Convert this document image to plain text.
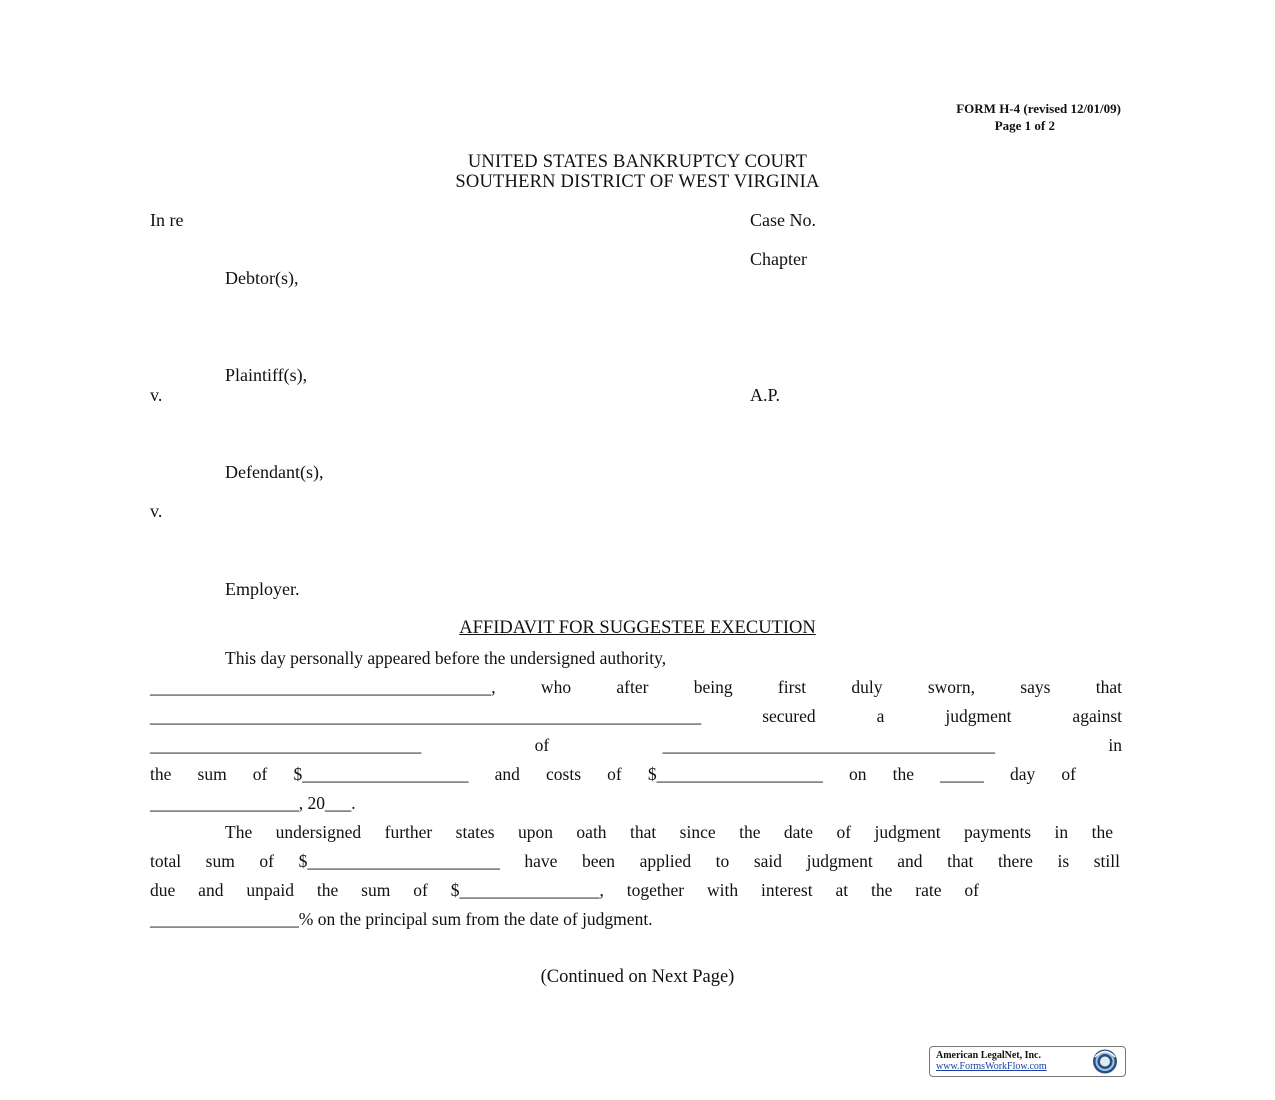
FORM H-4 (revised 12/01/09)
Page 1 of 2
UNITED STATES BANKRUPTCY COURT
SOUTHERN DISTRICT OF WEST VIRGINIA
In re	Case No.
Chapter
Debtor(s),
Plaintiff(s),
v.	A.P.
Defendant(s),
v.
Employer.
AFFIDAVIT FOR SUGGESTEE EXECUTION
This day personally appeared before the undersigned authority,
_______________________________________, who after being first duly sworn, says that
_______________________________________________________________ secured a judgment against
_______________________________ of ______________________________________ in
the sum of $___________________ and costs of $___________________ on the _____ day of
_________________, 20___.
The undersigned further states upon oath that since the date of judgment payments in the
total sum of $______________________ have been applied to said judgment and that there is still
due and unpaid the sum of $________________, together with interest at the rate of
_________________% on the principal sum from the date of judgment.
(Continued on Next Page)
American LegalNet, Inc.
www.FormsWorkFlow.com
